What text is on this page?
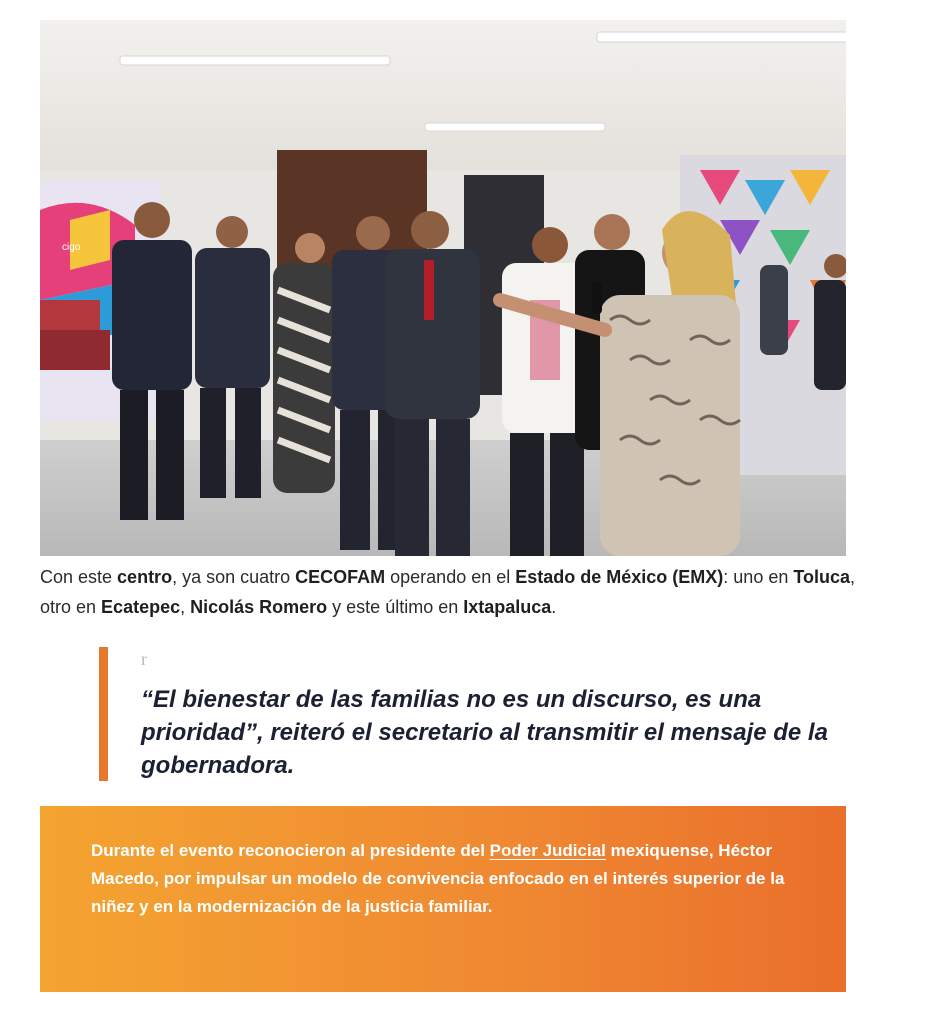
cigo
Con este centro, ya son cuatro CECOFAM operando en el Estado de México (EMX): uno en Toluca, otro en Ecatepec, Nicolás Romero y este último en Ixtapaluca.
r
“El bienestar de las familias no es un discurso, es una prioridad”, reiteró el secretario al transmitir el mensaje de la gobernadora.

Durante el evento reconocieron al presidente del Poder Judicial mexiquense, Héctor Macedo, por impulsar un modelo de convivencia enfocado en el interés superior de la niñez y en la modernización de la justicia familiar.
